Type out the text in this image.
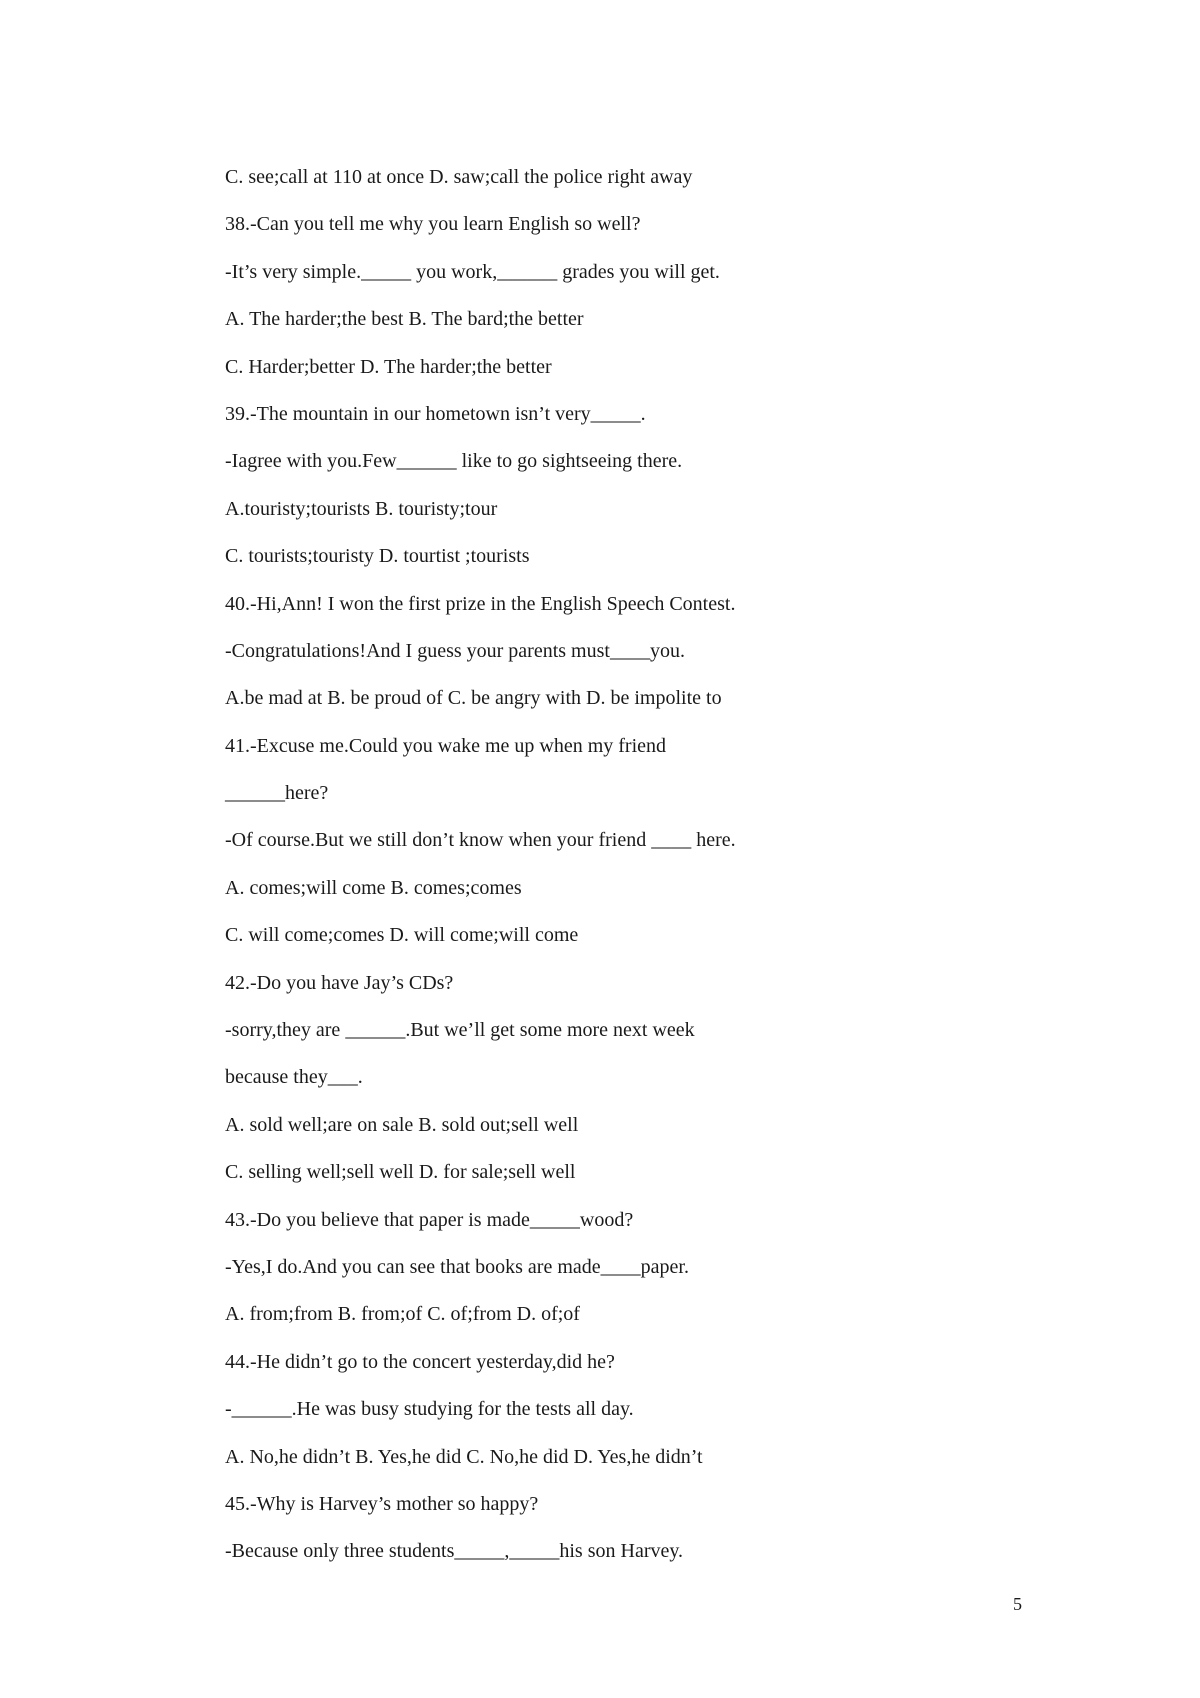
C. see;call at 110 at once D. saw;call the police right away
38.-Can you tell me why you learn English so well?
-It’s very simple._____ you work,______ grades you will get.
A. The harder;the best B. The bard;the better
C. Harder;better D. The harder;the better
39.-The mountain in our hometown isn’t very_____.
-Iagree with you.Few______ like to go sightseeing there.
A.touristy;tourists B. touristy;tour
C. tourists;touristy D. tourtist ;tourists
40.-Hi,Ann! I won the first prize in the English Speech Contest.
-Congratulations!And I guess your parents must____you.
A.be mad at B. be proud of C. be angry with D. be impolite to
41.-Excuse me.Could you wake me up when my friend
______here?
-Of course.But we still don’t know when your friend ____ here.
A. comes;will come B. comes;comes
C. will come;comes D. will come;will come
42.-Do you have Jay’s CDs?
-sorry,they are ______.But we’ll get some more next week
because they___.
A. sold well;are on sale B. sold out;sell well
C. selling well;sell well D. for sale;sell well
43.-Do you believe that paper is made_____wood?
-Yes,I do.And you can see that books are made____paper.
A. from;from B. from;of C. of;from D. of;of
44.-He didn’t go to the concert yesterday,did he?
-______.He was busy studying for the tests all day.
A. No,he didn’t B. Yes,he did C. No,he did D. Yes,he didn’t
45.-Why is Harvey’s mother so happy?
-Because only three students_____,_____his son Harvey.
5
